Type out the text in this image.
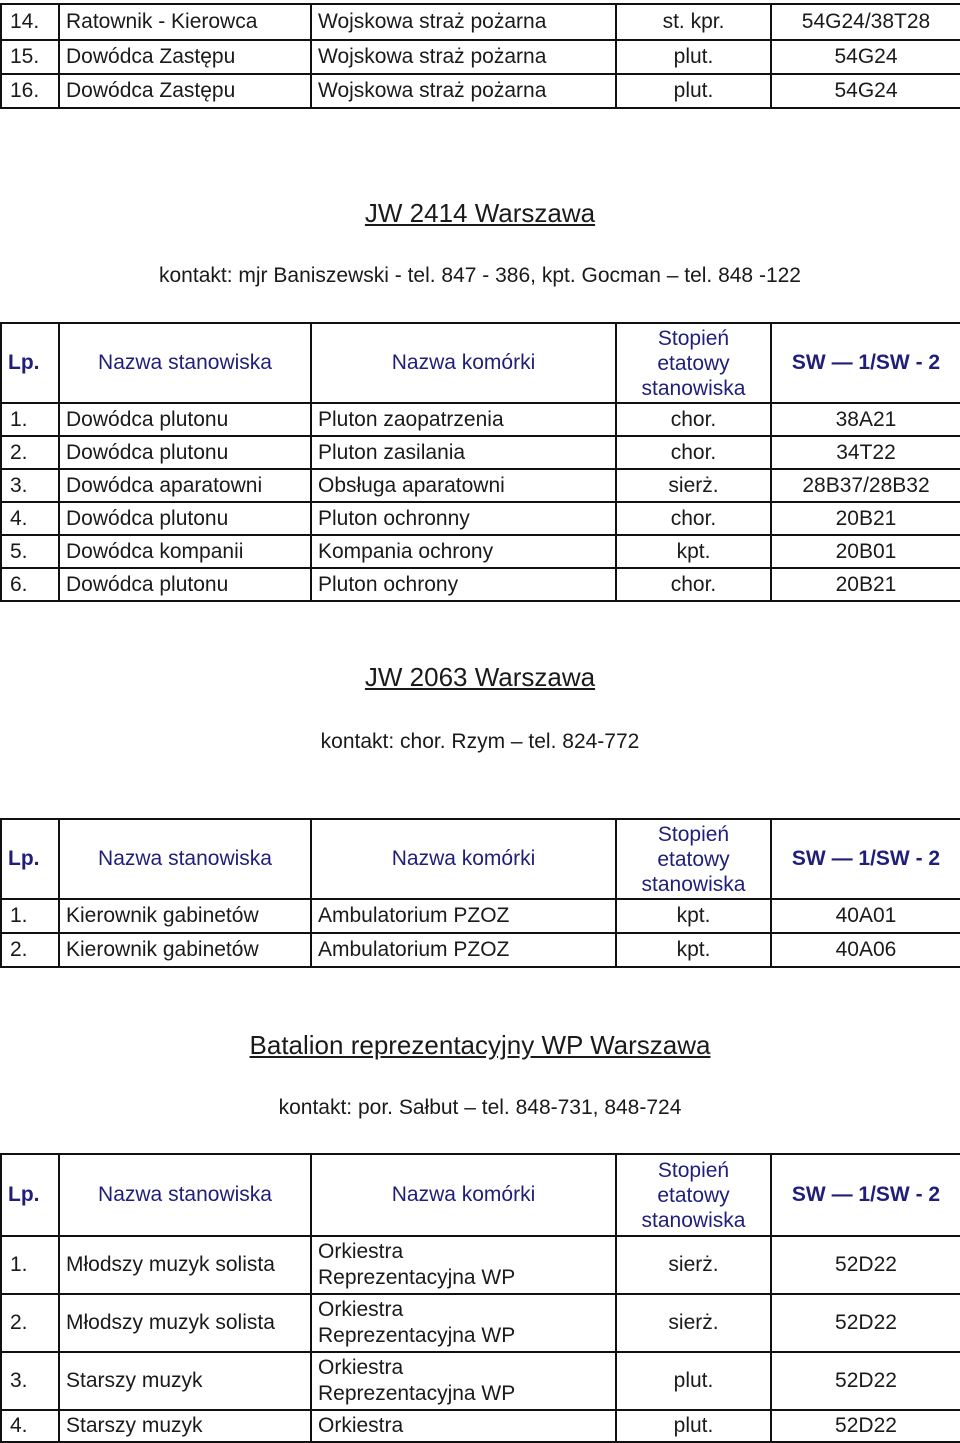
14.	Ratownik - Kierowca	Wojskowa straż pożarna	st. kpr.	54G24/38T28
15.	Dowódca Zastępu	Wojskowa straż pożarna	plut.	54G24
16.	Dowódca Zastępu	Wojskowa straż pożarna	plut.	54G24
JW 2414 Warszawa
kontakt: mjr Baniszewski - tel. 847 - 386, kpt. Gocman – tel. 848 -122
Lp.	Nazwa stanowiska	Nazwa komórki	Stopień
etatowy
stanowiska	SW — 1/SW - 2
1.	Dowódca plutonu	Pluton zaopatrzenia	chor.	38A21
2.	Dowódca plutonu	Pluton zasilania	chor.	34T22
3.	Dowódca aparatowni	Obsługa aparatowni	sierż.	28B37/28B32
4.	Dowódca plutonu	Pluton ochronny	chor.	20B21
5.	Dowódca kompanii	Kompania ochrony	kpt.	20B01
6.	Dowódca plutonu	Pluton ochrony	chor.	20B21
JW 2063 Warszawa
kontakt: chor. Rzym – tel. 824-772
Lp.	Nazwa stanowiska	Nazwa komórki	Stopień
etatowy
stanowiska	SW — 1/SW - 2
1.	Kierownik gabinetów	Ambulatorium PZOZ	kpt.	40A01
2.	Kierownik gabinetów	Ambulatorium PZOZ	kpt.	40A06
Batalion reprezentacyjny WP Warszawa
kontakt: por. Sałbut – tel. 848-731, 848-724
Lp.	Nazwa stanowiska	Nazwa komórki	Stopień
etatowy
stanowiska	SW — 1/SW - 2
1.	Młodszy muzyk solista	Orkiestra
Reprezentacyjna WP	sierż.	52D22
2.	Młodszy muzyk solista	Orkiestra
Reprezentacyjna WP	sierż.	52D22
3.	Starszy muzyk	Orkiestra
Reprezentacyjna WP	plut.	52D22
4.	Starszy muzyk	Orkiestra	plut.	52D22
